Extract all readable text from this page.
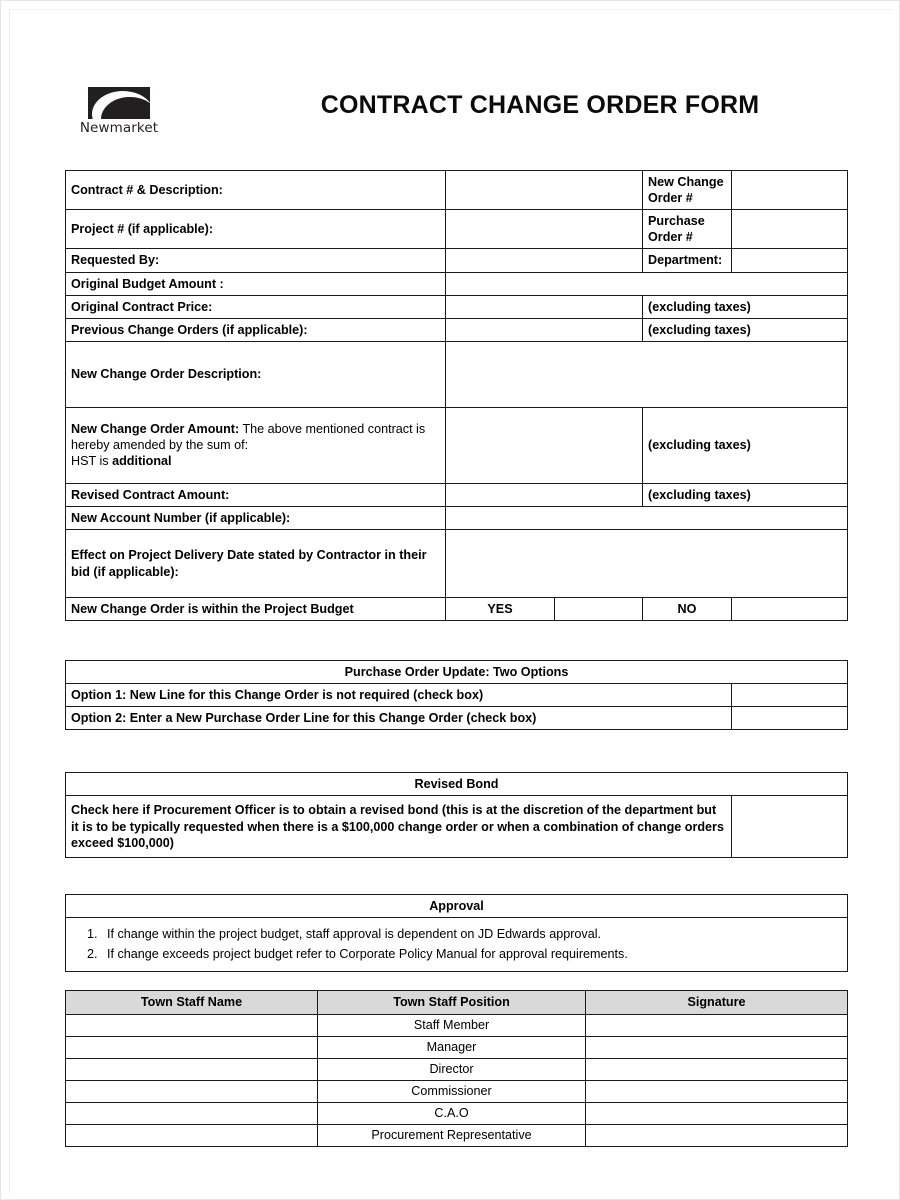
Newmarket
CONTRACT CHANGE ORDER FORM
Contract # & Description:			New Change Order #	
Project # (if applicable):			Purchase Order #	
Requested By:			Department:	
Original Budget Amount :				
Original Contract Price:			(excluding taxes)	
Previous Change Orders (if applicable):			(excluding taxes)	
New Change Order Description:				
New Change Order Amount: The above mentioned contract is hereby amended by the sum of:
HST is additional			(excluding taxes)	
Revised Contract Amount:			(excluding taxes)	
New Account Number (if applicable):				
Effect on Project Delivery Date stated by Contractor in their bid (if applicable):				
New Change Order is within the Project Budget	YES		NO	
Purchase Order Update: Two Options	
Option 1: New Line for this Change Order is not required (check box)	
Option 2: Enter a New Purchase Order Line for this Change Order (check box)	
Revised Bond
Check here if Procurement Officer is to obtain a revised bond (this is at the discretion of the department but it is to be typically requested when there is a $100,000 change order or when a combination of change orders exceed $100,000)	
Approval

1. If change within the project budget, staff approval is dependent on JD Edwards approval.
2. If change exceeds project budget refer to Corporate Policy Manual for approval requirements.
Town Staff Name	Town Staff Position	Signature
	Staff Member	
	Manager	
	Director	
	Commissioner	
	C.A.O	
	Procurement Representative	
